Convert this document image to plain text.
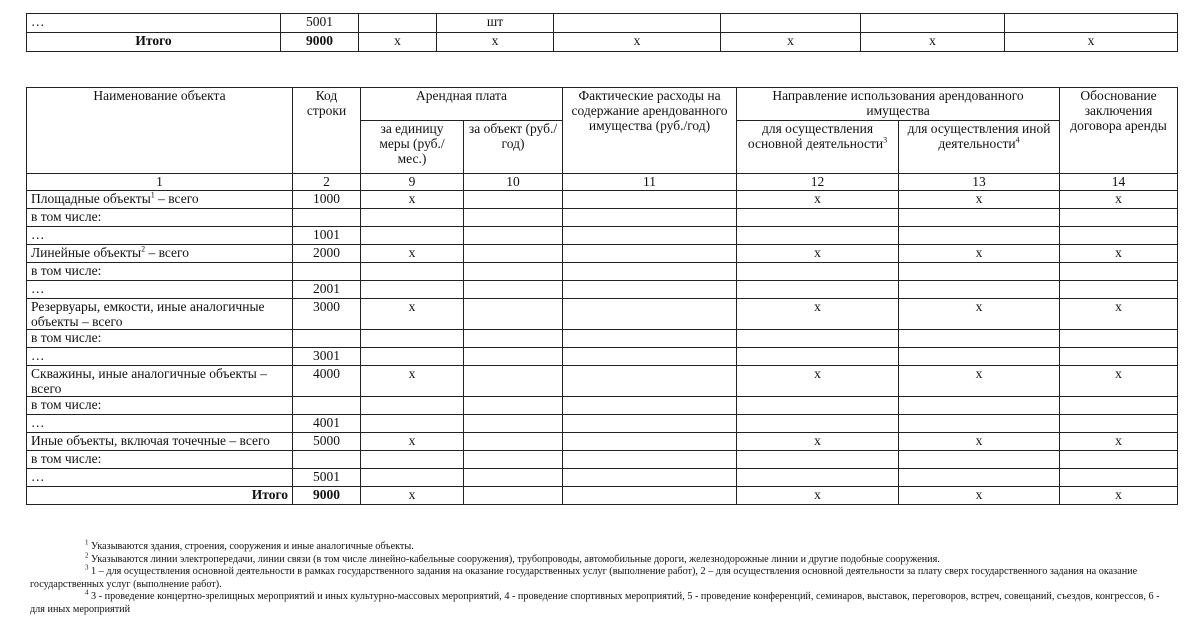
…	5001		шт				
Итого	9000	x	x	x	x	x	x
Наименование объекта	Код строки	Арендная плата		Фактические расходы на содержание арендованного имущества (руб./год)	Направление использования арендованного имущества		Обоснование заключения договора аренды
		за единицу меры (руб./мес.)	за объект (руб./год)		для осуществления основной деятельности$^3$	для осуществления иной деятельности$^4$
1	2	9	10	11	12	13	14
Площадные объекты$^1$ – всего	1000	x			x	x	x
в том числе:							
…	1001						
Линейные объекты$^2$ – всего	2000	x			x	x	x
в том числе:							
…	2001						
Резервуары, емкости, иные аналогичные объекты – всего	3000	x			x	x	x
в том числе:							
…	3001						
Скважины, иные аналогичные объекты – всего	4000	x			x	x	x
в том числе:							
…	4001						
Иные объекты, включая точечные – всего	5000	x			x	x	x
в том числе:							
…	5001						
Итого	9000	x			x	x	x

$^1$ Указываются здания, строения, сооружения и иные аналогичные объекты.

$^2$ Указываются линии электропередачи, линии связи (в том числе линейно-кабельные сооружения), трубопроводы, автомобильные дороги, железнодорожные линии и другие подобные сооружения.

$^3$ 1 – для осуществления основной деятельности в рамках государственного задания на оказание государственных услуг (выполнение работ), 2 – для осуществления основной деятельности за плату сверх государственного задания на оказание государственных услуг (выполнение работ).

$^4$ 3 - проведение концертно-зрелищных мероприятий и иных культурно-массовых мероприятий, 4 - проведение спортивных мероприятий, 5 - проведение конференций, семинаров, выставок, переговоров, встреч, совещаний, съездов, конгрессов, 6 - для иных мероприятий
